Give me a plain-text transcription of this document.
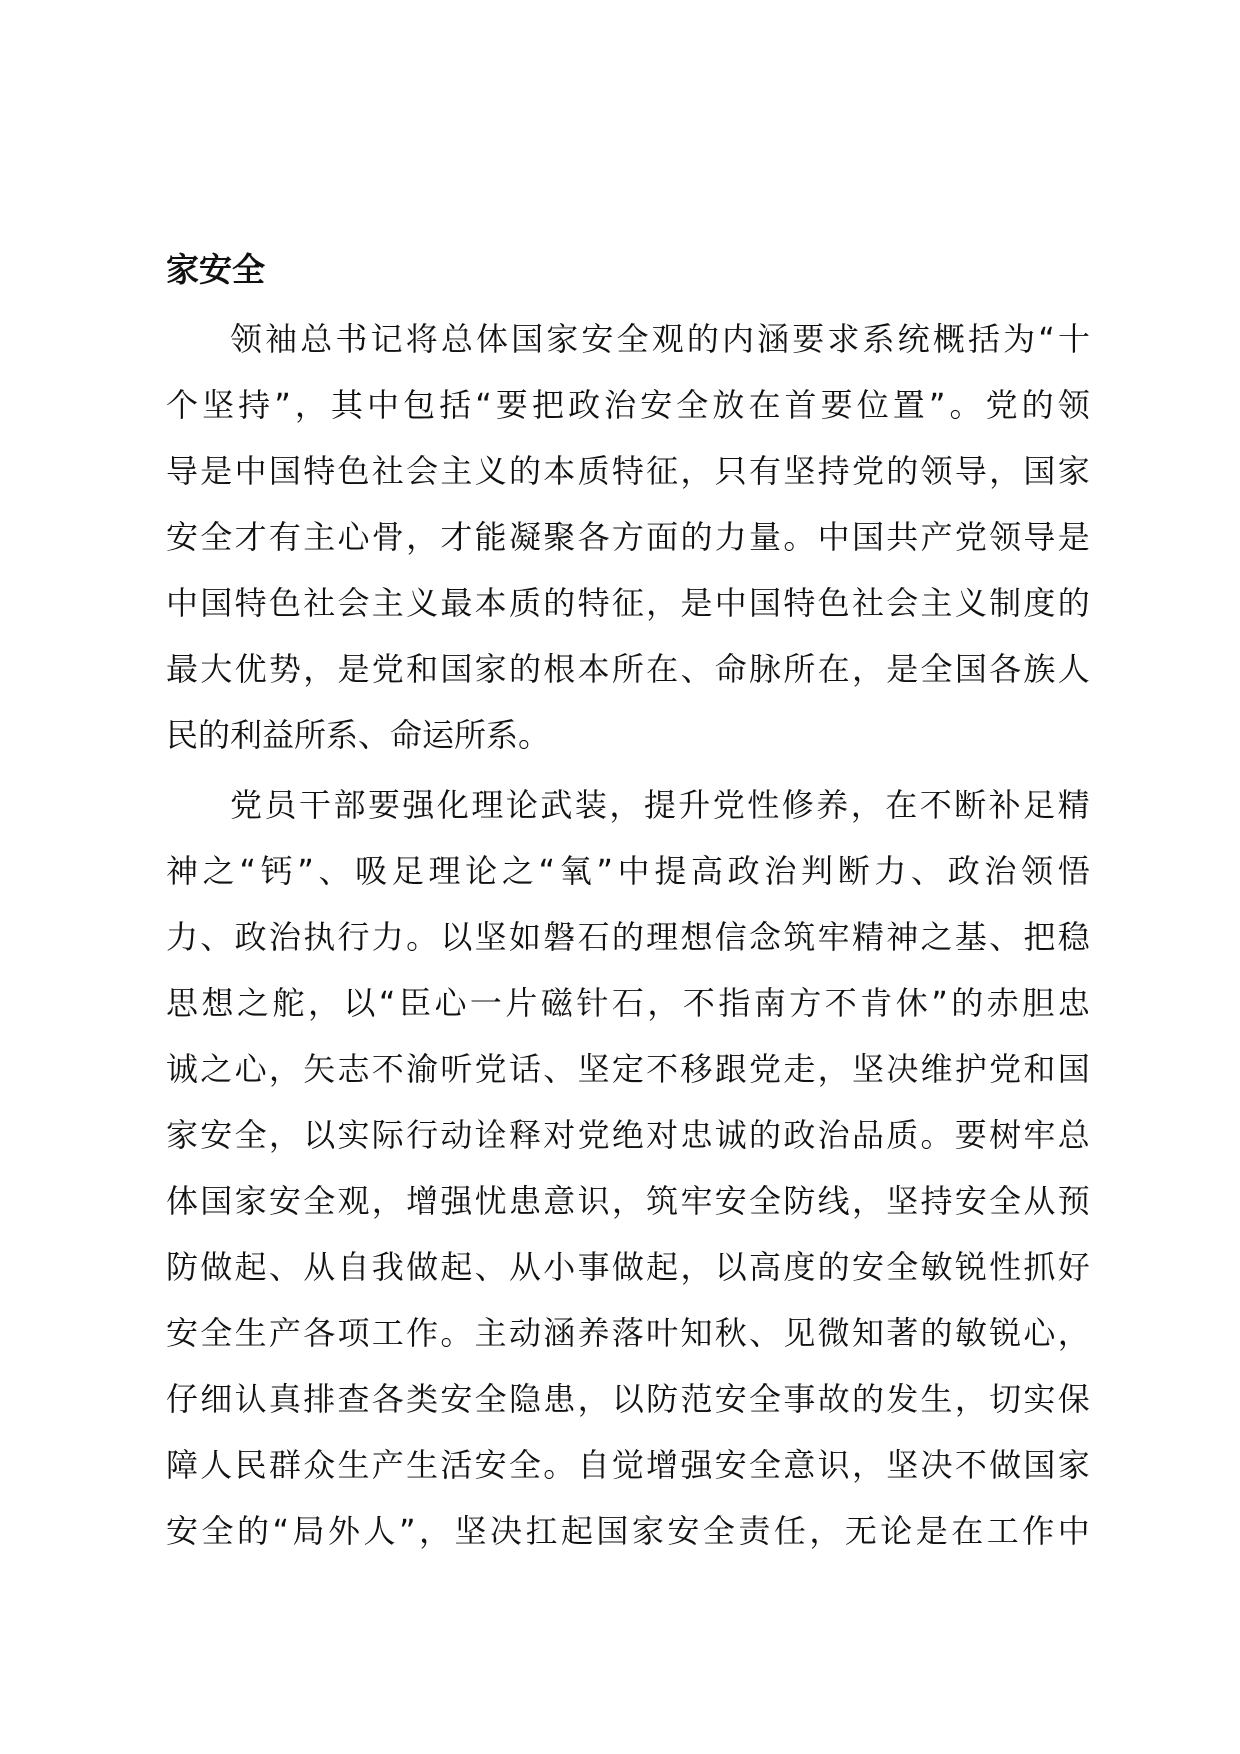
家安全
领 袖 总 书 记 将 总 体 国 家 安 全 观 的 内 涵 要 求 系 统 概 括 为 “ 十
个 坚 持 ” ， 其 中 包 括 “ 要 把 政 治 安 全 放 在 首 要 位 置 ” 。 党 的 领
导 是 中 国 特 色 社 会 主 义 的 本 质 特 征 ， 只 有 坚 持 党 的 领 导 ， 国 家
安 全 才 有 主 心 骨 ， 才 能 凝 聚 各 方 面 的 力 量 。 中 国 共 产 党 领 导 是
中 国 特 色 社 会 主 义 最 本 质 的 特 征 ， 是 中 国 特 色 社 会 主 义 制 度 的
最 大 优 势 ， 是 党 和 国 家 的 根 本 所 在 、 命 脉 所 在 ， 是 全 国 各 族 人
民的利益所系、命运所系。
党 员 干 部 要 强 化 理 论 武 装 ， 提 升 党 性 修 养 ， 在 不 断 补 足 精
神 之 “ 钙 ” 、 吸 足 理 论 之 “ 氧 ” 中 提 高 政 治 判 断 力 、 政 治 领 悟
力 、 政 治 执 行 力 。 以 坚 如 磐 石 的 理 想 信 念 筑 牢 精 神 之 基 、 把 稳
思 想 之 舵 ， 以 “ 臣 心 一 片 磁 针 石 ， 不 指 南 方 不 肯 休 ” 的 赤 胆 忠
诚 之 心 ， 矢 志 不 渝 听 党 话 、 坚 定 不 移 跟 党 走 ， 坚 决 维 护 党 和 国
家 安 全 ， 以 实 际 行 动 诠 释 对 党 绝 对 忠 诚 的 政 治 品 质 。 要 树 牢 总
体 国 家 安 全 观 ， 增 强 忧 患 意 识 ， 筑 牢 安 全 防 线 ， 坚 持 安 全 从 预
防 做 起 、 从 自 我 做 起 、 从 小 事 做 起 ， 以 高 度 的 安 全 敏 锐 性 抓 好
安 全 生 产 各 项 工 作 。 主 动 涵 养 落 叶 知 秋 、 见 微 知 著 的 敏 锐 心 ，
仔 细 认 真 排 查 各 类 安 全 隐 患 ， 以 防 范 安 全 事 故 的 发 生 ， 切 实 保
障 人 民 群 众 生 产 生 活 安 全 。 自 觉 增 强 安 全 意 识 ， 坚 决 不 做 国 家
安 全 的 “ 局 外 人 ” ， 坚 决 扛 起 国 家 安 全 责 任 ， 无 论 是 在 工 作 中
